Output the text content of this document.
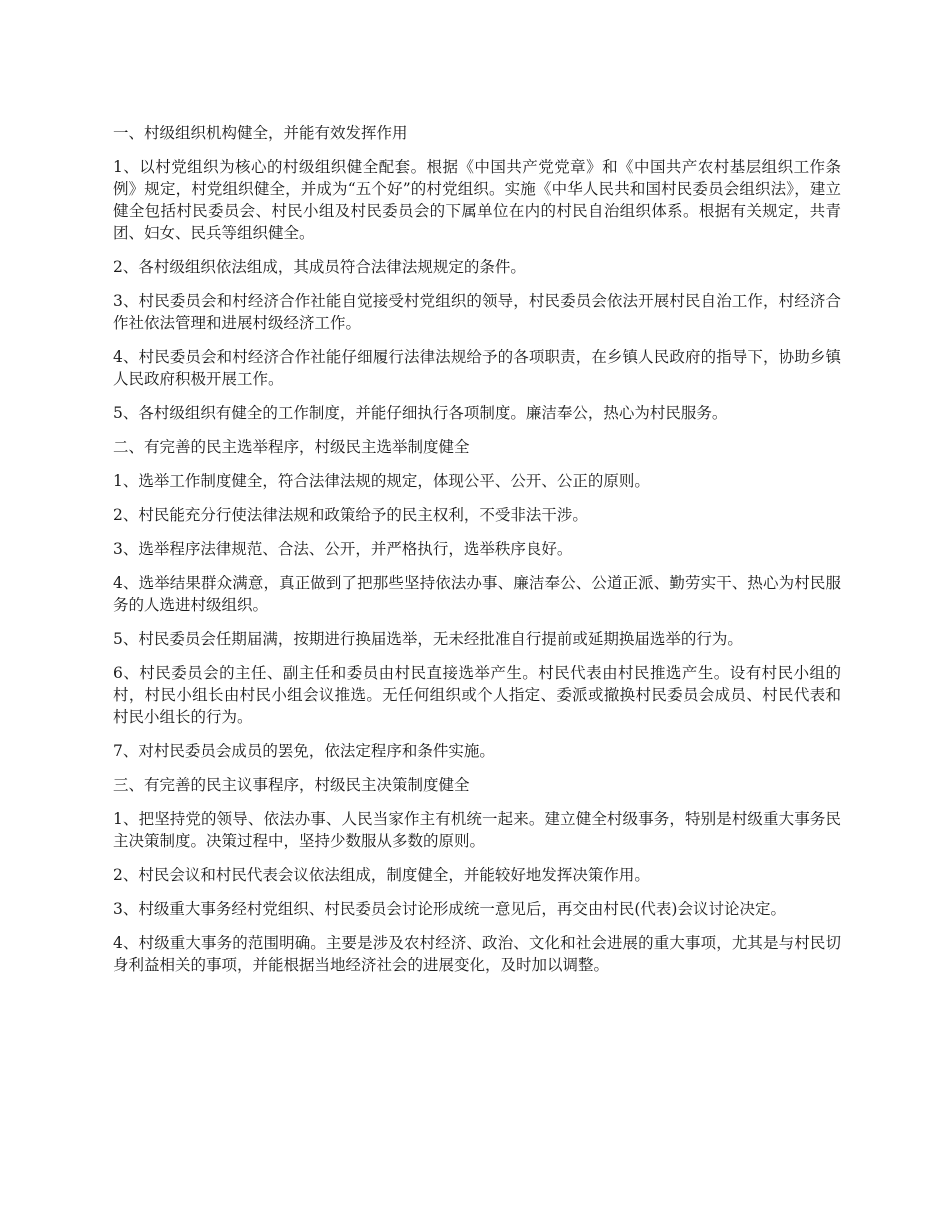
一、村级组织机构健全，并能有效发挥作用

1、以村党组织为核心的村级组织健全配套。根据《中国共产党党章》和《中国共产农村基层组织工作条例》规定，村党组织健全，并成为“五个好”的村党组织。实施《中华人民共和国村民委员会组织法》，建立健全包括村民委员会、村民小组及村民委员会的下属单位在内的村民自治组织体系。根据有关规定，共青团、妇女、民兵等组织健全。

2、各村级组织依法组成，其成员符合法律法规规定的条件。

3、村民委员会和村经济合作社能自觉接受村党组织的领导，村民委员会依法开展村民自治工作，村经济合作社依法管理和进展村级经济工作。

4、村民委员会和村经济合作社能仔细履行法律法规给予的各项职责，在乡镇人民政府的指导下，协助乡镇人民政府积极开展工作。

5、各村级组织有健全的工作制度，并能仔细执行各项制度。廉洁奉公，热心为村民服务。

二、有完善的民主选举程序，村级民主选举制度健全

1、选举工作制度健全，符合法律法规的规定，体现公平、公开、公正的原则。

2、村民能充分行使法律法规和政策给予的民主权利，不受非法干涉。

3、选举程序法律规范、合法、公开，并严格执行，选举秩序良好。

4、选举结果群众满意，真正做到了把那些坚持依法办事、廉洁奉公、公道正派、勤劳实干、热心为村民服务的人选进村级组织。

5、村民委员会任期届满，按期进行换届选举，无未经批准自行提前或延期换届选举的行为。

6、村民委员会的主任、副主任和委员由村民直接选举产生。村民代表由村民推选产生。设有村民小组的村，村民小组长由村民小组会议推选。无任何组织或个人指定、委派或撤换村民委员会成员、村民代表和村民小组长的行为。

7、对村民委员会成员的罢免，依法定程序和条件实施。

三、有完善的民主议事程序，村级民主决策制度健全

1、把坚持党的领导、依法办事、人民当家作主有机统一起来。建立健全村级事务，特别是村级重大事务民主决策制度。决策过程中，坚持少数服从多数的原则。

2、村民会议和村民代表会议依法组成，制度健全，并能较好地发挥决策作用。

3、村级重大事务经村党组织、村民委员会讨论形成统一意见后，再交由村民(代表)会议讨论决定。

4、村级重大事务的范围明确。主要是涉及农村经济、政治、文化和社会进展的重大事项，尤其是与村民切身利益相关的事项，并能根据当地经济社会的进展变化，及时加以调整。
